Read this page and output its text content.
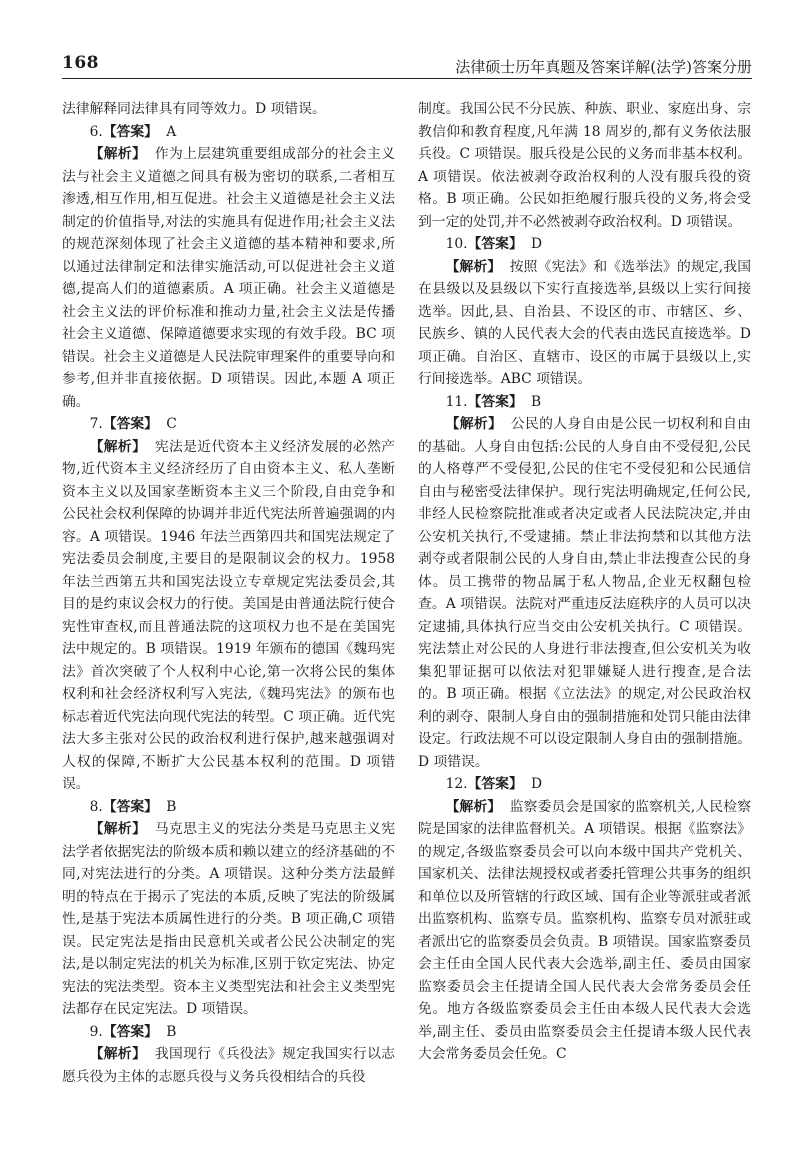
168	法律硕士历年真题及答案详解(法学)答案分册

法律解释同法律具有同等效力。D 项错误。

6.【答案】 A

【解析】 作为上层建筑重要组成部分的社会主义法与社会主义道德之间具有极为密切的联系,二者相互渗透,相互作用,相互促进。社会主义道德是社会主义法制定的价值指导,对法的实施具有促进作用;社会主义法的规范深刻体现了社会主义道德的基本精神和要求,所以通过法律制定和法律实施活动,可以促进社会主义道德,提高人们的道德素质。A 项正确。社会主义道德是社会主义法的评价标准和推动力量,社会主义法是传播社会主义道德、保障道德要求实现的有效手段。BC 项错误。社会主义道德是人民法院审理案件的重要导向和参考,但并非直接依据。D 项错误。因此,本题 A 项正确。

7.【答案】 C

【解析】 宪法是近代资本主义经济发展的必然产物,近代资本主义经济经历了自由资本主义、私人垄断资本主义以及国家垄断资本主义三个阶段,自由竞争和公民社会权利保障的协调并非近代宪法所普遍强调的内容。A 项错误。1946 年法兰西第四共和国宪法规定了宪法委员会制度,主要目的是限制议会的权力。1958 年法兰西第五共和国宪法设立专章规定宪法委员会,其目的是约束议会权力的行使。美国是由普通法院行使合宪性审查权,而且普通法院的这项权力也不是在美国宪法中规定的。B 项错误。1919 年颁布的德国《魏玛宪法》首次突破了个人权利中心论,第一次将公民的集体权利和社会经济权利写入宪法,《魏玛宪法》的颁布也标志着近代宪法向现代宪法的转型。C 项正确。近代宪法大多主张对公民的政治权利进行保护,越来越强调对人权的保障,不断扩大公民基本权利的范围。D 项错误。

8.【答案】 B

【解析】 马克思主义的宪法分类是马克思主义宪法学者依据宪法的阶级本质和赖以建立的经济基础的不同,对宪法进行的分类。A 项错误。这种分类方法最鲜明的特点在于揭示了宪法的本质,反映了宪法的阶级属性,是基于宪法本质属性进行的分类。B 项正确,C 项错误。民定宪法是指由民意机关或者公民公决制定的宪法,是以制定宪法的机关为标准,区别于钦定宪法、协定宪法的宪法类型。资本主义类型宪法和社会主义类型宪法都存在民定宪法。D 项错误。

9.【答案】 B

【解析】 我国现行《兵役法》规定我国实行以志愿兵役为主体的志愿兵役与义务兵役相结合的兵役

制度。我国公民不分民族、种族、职业、家庭出身、宗教信仰和教育程度,凡年满 18 周岁的,都有义务依法服兵役。C 项错误。服兵役是公民的义务而非基本权利。A 项错误。依法被剥夺政治权利的人没有服兵役的资格。B 项正确。公民如拒绝履行服兵役的义务,将会受到一定的处罚,并不必然被剥夺政治权利。D 项错误。

10.【答案】 D

【解析】 按照《宪法》和《选举法》的规定,我国在县级以及县级以下实行直接选举,县级以上实行间接选举。因此,县、自治县、不设区的市、市辖区、乡、民族乡、镇的人民代表大会的代表由选民直接选举。D 项正确。自治区、直辖市、设区的市属于县级以上,实行间接选举。ABC 项错误。

11.【答案】 B

【解析】 公民的人身自由是公民一切权利和自由的基础。人身自由包括:公民的人身自由不受侵犯,公民的人格尊严不受侵犯,公民的住宅不受侵犯和公民通信自由与秘密受法律保护。现行宪法明确规定,任何公民,非经人民检察院批准或者决定或者人民法院决定,并由公安机关执行,不受逮捕。禁止非法拘禁和以其他方法剥夺或者限制公民的人身自由,禁止非法搜查公民的身体。员工携带的物品属于私人物品,企业无权翻包检查。A 项错误。法院对严重违反法庭秩序的人员可以决定逮捕,具体执行应当交由公安机关执行。C 项错误。宪法禁止对公民的人身进行非法搜查,但公安机关为收集犯罪证据可以依法对犯罪嫌疑人进行搜查,是合法的。B 项正确。根据《立法法》的规定,对公民政治权利的剥夺、限制人身自由的强制措施和处罚只能由法律设定。行政法规不可以设定限制人身自由的强制措施。D 项错误。

12.【答案】 D

【解析】 监察委员会是国家的监察机关,人民检察院是国家的法律监督机关。A 项错误。根据《监察法》的规定,各级监察委员会可以向本级中国共产党机关、国家机关、法律法规授权或者委托管理公共事务的组织和单位以及所管辖的行政区域、国有企业等派驻或者派出监察机构、监察专员。监察机构、监察专员对派驻或者派出它的监察委员会负责。B 项错误。国家监察委员会主任由全国人民代表大会选举,副主任、委员由国家监察委员会主任提请全国人民代表大会常务委员会任免。地方各级监察委员会主任由本级人民代表大会选举,副主任、委员由监察委员会主任提请本级人民代表大会常务委员会任免。C
